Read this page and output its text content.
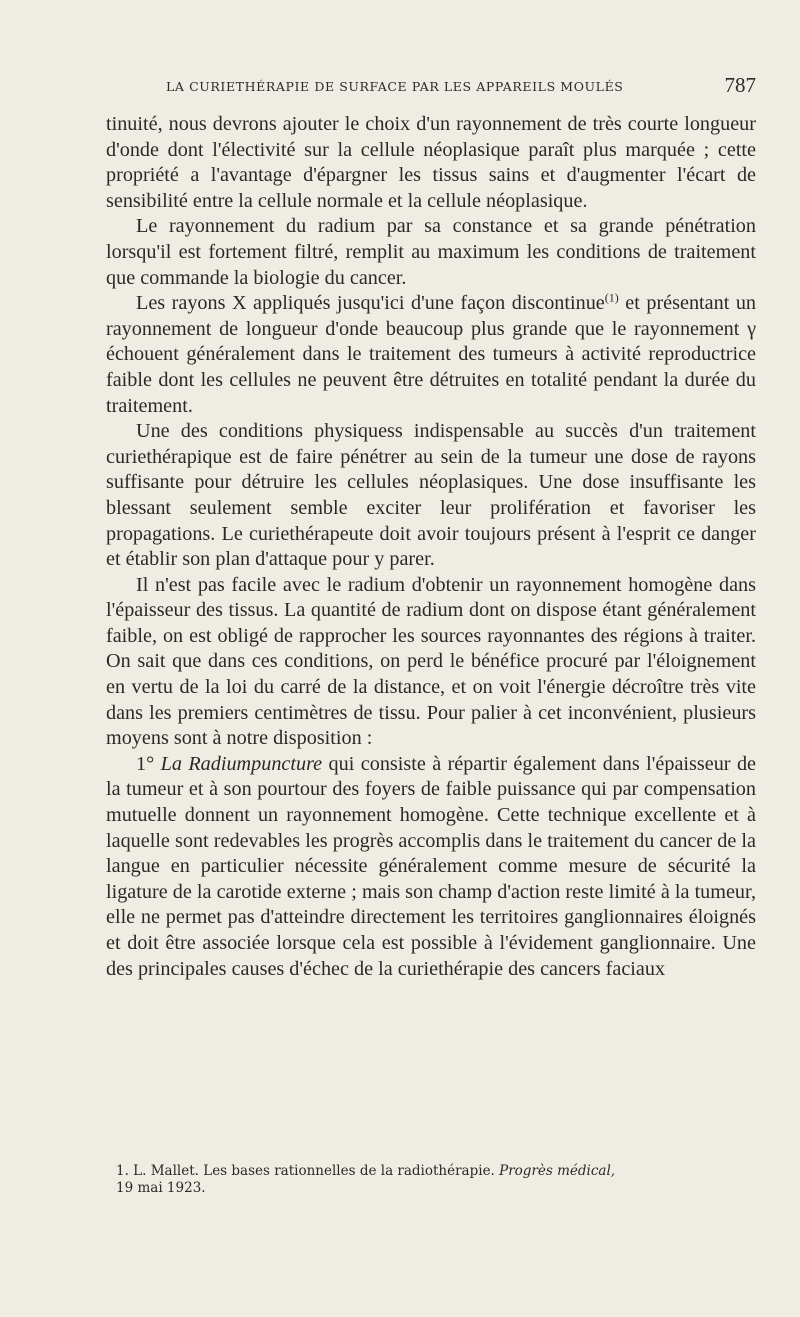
LA CURIETHÉRAPIE DE SURFACE PAR LES APPAREILS MOULÉS	787

tinuité, nous devrons ajouter le choix d'un rayonnement de très courte longueur d'onde dont l'électivité sur la cellule néoplasique paraît plus marquée ; cette propriété a l'avantage d'épargner les tissus sains et d'augmenter l'écart de sensibilité entre la cellule normale et la cellule néoplasique.

Le rayonnement du radium par sa constance et sa grande pénétration lorsqu'il est fortement filtré, remplit au maximum les conditions de traitement que commande la biologie du cancer.

Les rayons X appliqués jusqu'ici d'une façon discontinue$^{(1)}$ et présentant un rayonnement de longueur d'onde beaucoup plus grande que le rayonnement γ échouent généralement dans le traitement des tumeurs à activité reproductrice faible dont les cellules ne peuvent être détruites en totalité pendant la durée du traitement.

Une des conditions physiquess indispensable au succès d'un traitement curiethérapique est de faire pénétrer au sein de la tumeur une dose de rayons suffisante pour détruire les cellules néoplasiques. Une dose insuffisante les blessant seulement semble exciter leur prolifération et favoriser les propagations. Le curiethérapeute doit avoir toujours présent à l'esprit ce danger et établir son plan d'attaque pour y parer.

Il n'est pas facile avec le radium d'obtenir un rayonnement homogène dans l'épaisseur des tissus. La quantité de radium dont on dispose étant généralement faible, on est obligé de rapprocher les sources rayonnantes des régions à traiter. On sait que dans ces conditions, on perd le bénéfice procuré par l'éloignement en vertu de la loi du carré de la distance, et on voit l'énergie décroître très vite dans les premiers centimètres de tissu. Pour palier à cet inconvénient, plusieurs moyens sont à notre disposition :

1° La Radiumpuncture qui consiste à répartir également dans l'épaisseur de la tumeur et à son pourtour des foyers de faible puissance qui par compensation mutuelle donnent un rayonnement homogène. Cette technique excellente et à laquelle sont redevables les progrès accomplis dans le traitement du cancer de la langue en particulier nécessite généralement comme mesure de sécurité la ligature de la carotide externe ; mais son champ d'action reste limité à la tumeur, elle ne permet pas d'atteindre directement les territoires ganglionnaires éloignés et doit être associée lorsque cela est possible à l'évidement ganglionnaire. Une des principales causes d'échec de la curiethérapie des cancers faciaux

1. L. Mallet. Les bases rationnelles de la radiothérapie. Progrès médical,
19 mai 1923.
